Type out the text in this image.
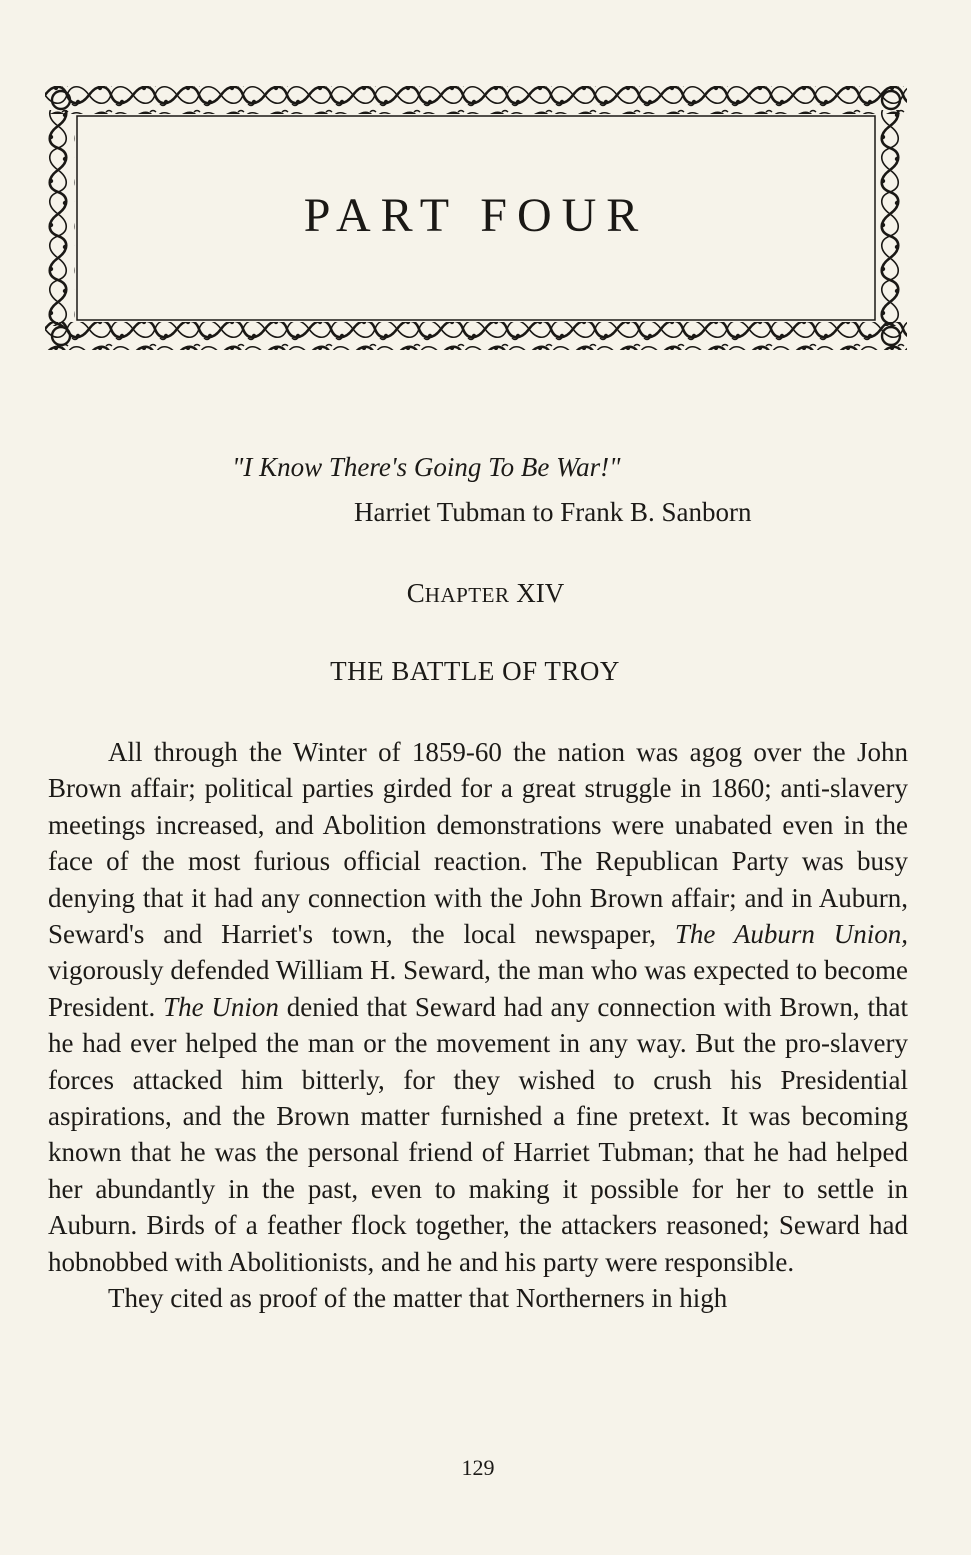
PART FOUR
"I Know There's Going To Be War!"
Harriet Tubman to Frank B. Sanborn
CHAPTER XIV
THE BATTLE OF TROY

All through the Winter of 1859-60 the nation was agog over the John Brown affair; political parties girded for a great struggle in 1860; anti-slavery meetings increased, and Abolition demonstrations were unabated even in the face of the most furious official reaction. The Republican Party was busy denying that it had any connection with the John Brown affair; and in Auburn, Seward's and Harriet's town, the local newspaper, The Auburn Union, vigorously defended William H. Seward, the man who was expected to become President. The Union denied that Seward had any connection with Brown, that he had ever helped the man or the movement in any way. But the pro-slavery forces attacked him bitterly, for they wished to crush his Presidential aspirations, and the Brown matter furnished a fine pretext. It was becoming known that he was the personal friend of Harriet Tubman; that he had helped her abundantly in the past, even to making it possible for her to settle in Auburn. Birds of a feather flock together, the attackers reasoned; Seward had hobnobbed with Abolitionists, and he and his party were responsible.

They cited as proof of the matter that Northerners in high

129
